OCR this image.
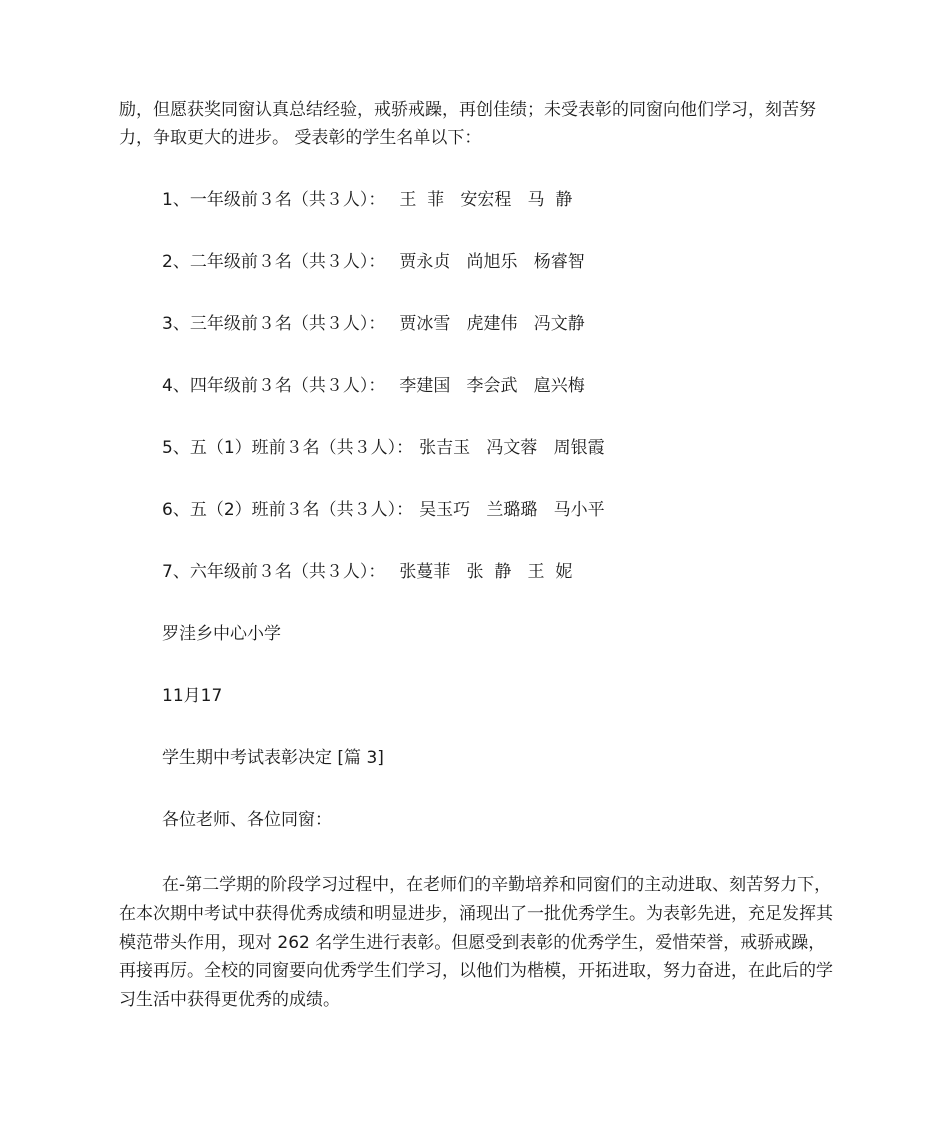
励，但愿获奖同窗认真总结经验，戒骄戒躁，再创佳绩；未受表彰的同窗向他们学习，刻苦努力，争取更大的进步。 受表彰的学生名单以下：

1、一年级前３名（共３人）： 王  菲   安宏程   马  静
2、二年级前３名（共３人）： 贾永贞   尚旭乐   杨睿智
3、三年级前３名（共３人）： 贾冰雪   虎建伟   冯文静
4、四年级前３名（共３人）： 李建国   李会武   扈兴梅
5、五（1）班前３名（共３人）： 张吉玉   冯文蓉   周银霞
6、五（2）班前３名（共３人）： 吴玉巧   兰璐璐   马小平
7、六年级前３名（共３人）： 张蔓菲   张  静   王  妮
罗洼乡中心小学
11月17
学生期中考试表彰决定 [篇 3]
各位老师、各位同窗：

在-第二学期的阶段学习过程中，在老师们的辛勤培养和同窗们的主动进取、刻苦努力下，在本次期中考试中获得优秀成绩和明显进步，涌现出了一批优秀学生。为表彰先进，充足发挥其模范带头作用，现对 262 名学生进行表彰。但愿受到表彰的优秀学生，爱惜荣誉，戒骄戒躁，再接再厉。全校的同窗要向优秀学生们学习，以他们为楷模，开拓进取，努力奋进，在此后的学习生活中获得更优秀的成绩。
